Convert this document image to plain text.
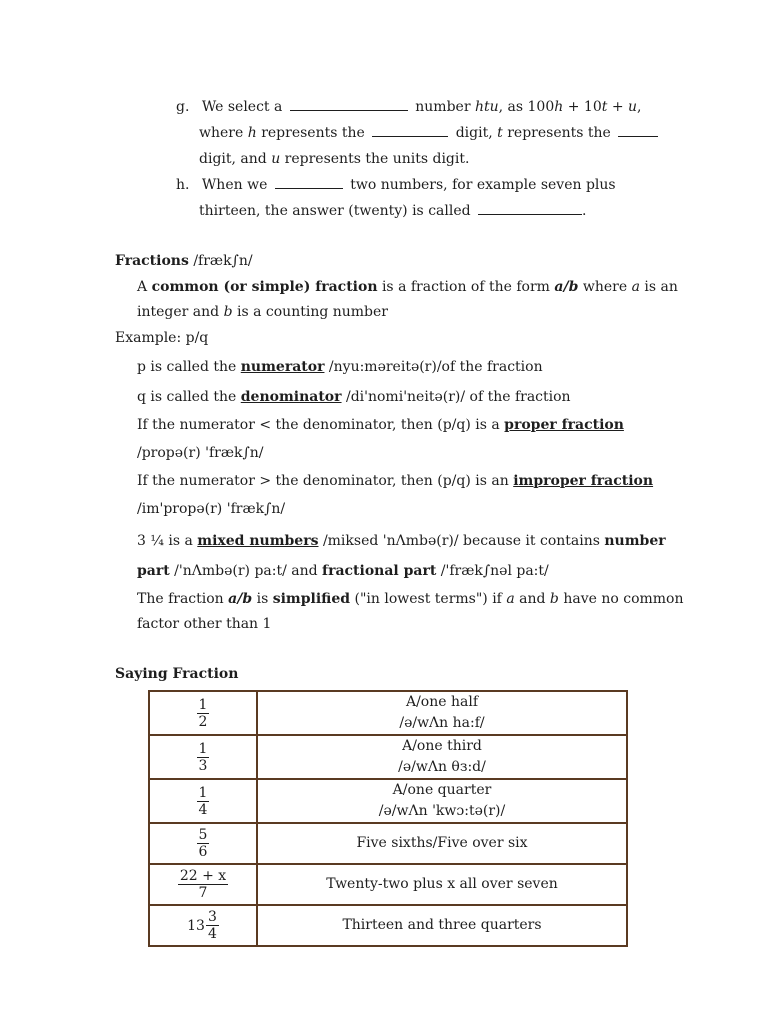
g. We select a	number htu, as 100h + 10t + u,
where h represents the	digit, t represents the
digit, and u represents the units digit.
h. When we	two numbers, for example seven plus
thirteen, the answer (twenty) is called	.
Fractions /fræk∫n/
A common (or simple) fraction is a fraction of the form a/b where a is an
integer and b is a counting number
Example: p/q
p is called the numerator /nyu:məreitə(r)/of the fraction
q is called the denominator /di'nomi'neitə(r)/ of the fraction
If the numerator < the denominator, then (p/q) is a proper fraction
/propə(r) 'fræk∫n/
If the numerator > the denominator, then (p/q) is an improper fraction
/im'propə(r) 'fræk∫n/
3 ¼ is a mixed numbers /miksed 'nΛmbə(r)/ because it contains number
part /'nΛmbə(r) pa:t/ and fractional part /'fræk∫nəl pa:t/
The fraction a/b is simplified ("in lowest terms") if a and b have no common
factor other than 1
Saying Fraction
$\frac{1}{2}$	A/one half
/ə/wΛn ha:f/

$\frac{1}{3}$	A/one third
/ə/wΛn θз:d/

$\frac{1}{4}$	A/one quarter
/ə/wΛn 'kwɔ:tə(r)/

$\frac{5}{6}$	Five sixths/Five over six

$\frac{22 + x}{7}$	Twenty-two plus x all over seven

$13 \frac{3}{4}$	Thirteen and three quarters
